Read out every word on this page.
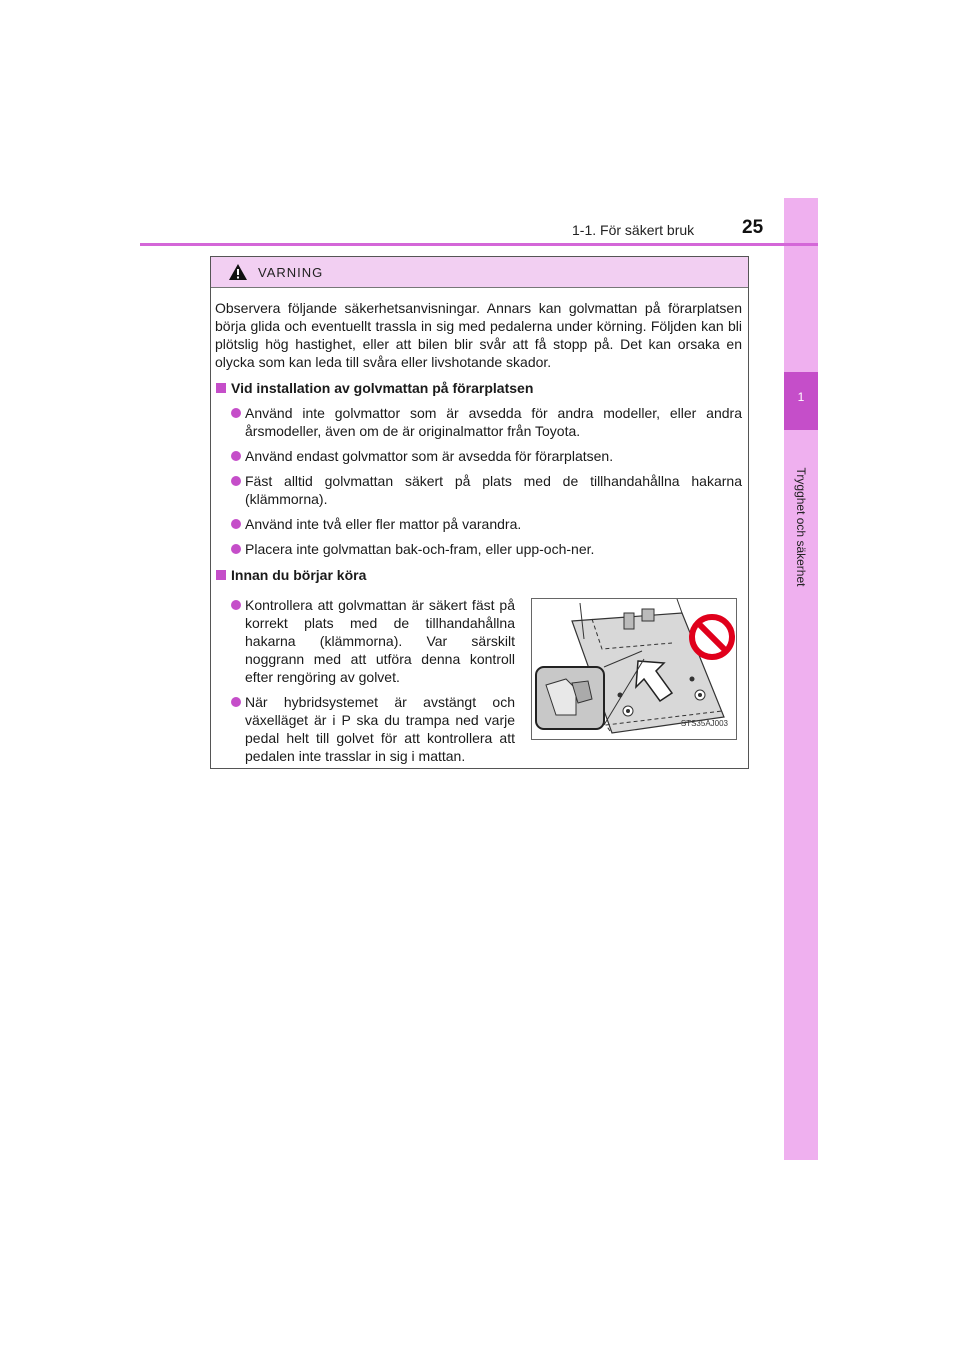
1
Trygghet och säkerhet
1-1. För säkert bruk	25
VARNING

Observera följande säkerhetsanvisningar. Annars kan golvmattan på förarplatsen börja glida och eventuellt trassla in sig med pedalerna under körning. Följden kan bli plötslig hög hastighet, eller att bilen blir svår att få stopp på. Det kan orsaka en olycka som kan leda till svåra eller livshotande skador.

Vid installation av golvmattan på förarplatsen
Använd inte golvmattor som är avsedda för andra modeller, eller andra årsmodeller, även om de är originalmattor från Toyota.
Använd endast golvmattor som är avsedda för förarplatsen.
Fäst alltid golvmattan säkert på plats med de tillhandahållna hakarna (klämmorna).
Använd inte två eller fler mattor på varandra.
Placera inte golvmattan bak-och-fram, eller upp-och-ner.
Innan du börjar köra
Kontrollera att golvmattan är säkert fäst på korrekt plats med de tillhandahållna hakarna (klämmorna). Var särskilt noggrann med att utföra denna kontroll efter rengöring av golvet.
När hybridsystemet är avstängt och växelläget är i P ska du trampa ned varje pedal helt till golvet för att kontrollera att pedalen inte trasslar in sig i mattan.
STS35AJ003
